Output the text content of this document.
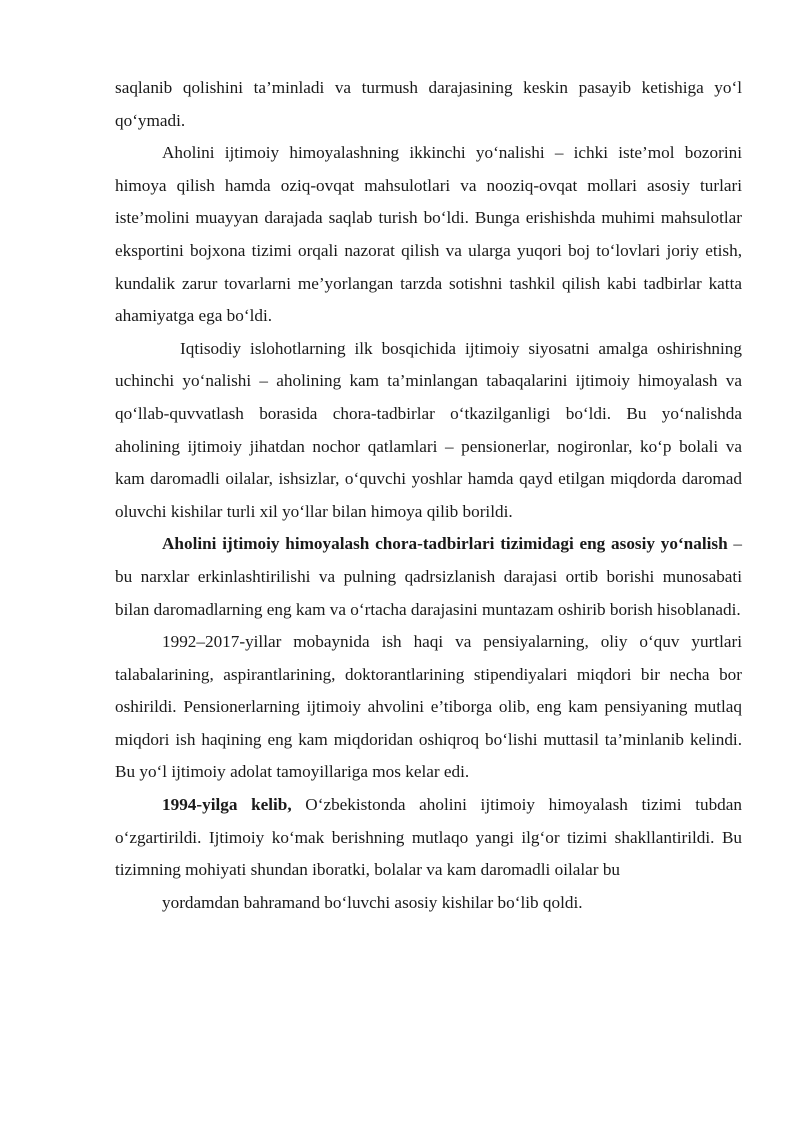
saqlanib qolishini ta’minladi va turmush darajasining keskin pasayib ketishiga yo‘l qo‘ymadi.

Aholini ijtimoiy himoyalashning ikkinchi yo‘nalishi – ichki iste’mol bozorini himoya qilish hamda oziq-ovqat mahsulotlari va nooziq-ovqat mollari asosiy turlari iste’molini muayyan darajada saqlab turish bo‘ldi. Bunga erishishda muhimi mahsulotlar eksportini bojxona tizimi orqali nazorat qilish va ularga yuqori boj to‘lovlari joriy etish, kundalik zarur tovarlarni me’yorlangan tarzda sotishni tashkil qilish kabi tadbirlar katta ahamiyatga ega bo‘ldi.

Iqtisodiy islohotlarning ilk bosqichida ijtimoiy siyosatni amalga oshirishning uchinchi yo‘nalishi – aholining kam ta’minlangan tabaqalarini ijtimoiy himoyalash va qo‘llab-quvvatlash borasida chora-tadbirlar o‘tkazilganligi bo‘ldi. Bu yo‘nalishda aholining ijtimoiy jihatdan nochor qatlamlari – pensionerlar, nogironlar, ko‘p bolali va kam daromadli oilalar, ishsizlar, o‘quvchi yoshlar hamda qayd etilgan miqdorda daromad oluvchi kishilar turli xil yo‘llar bilan himoya qilib borildi.

Aholini ijtimoiy himoyalash chora-tadbirlari tizimidagi eng asosiy yo‘nalish – bu narxlar erkinlashtirilishi va pulning qadrsizlanish darajasi ortib borishi munosabati bilan daromadlarning eng kam va o‘rtacha darajasini muntazam oshirib borish hisoblanadi.

1992–2017-yillar mobaynida ish haqi va pensiyalarning, oliy o‘quv yurtlari talabalarining, aspirantlarining, doktorantlarining stipendiyalari miqdori bir necha bor oshirildi. Pensionerlarning ijtimoiy ahvolini e’tiborga olib, eng kam pensiyaning mutlaq miqdori ish haqining eng kam miqdoridan oshiqroq bo‘lishi muttasil ta’minlanib kelindi. Bu yo‘l ijtimoiy adolat tamoyillariga mos kelar edi.

1994-yilga kelib, O‘zbekistonda aholini ijtimoiy himoyalash tizimi tubdan o‘zgartirildi. Ijtimoiy ko‘mak berishning mutlaqo yangi ilg‘or tizimi shakllantirildi. Bu tizimning mohiyati shundan iboratki, bolalar va kam daromadli oilalar bu

yordamdan bahramand bo‘luvchi asosiy kishilar bo‘lib qoldi.
